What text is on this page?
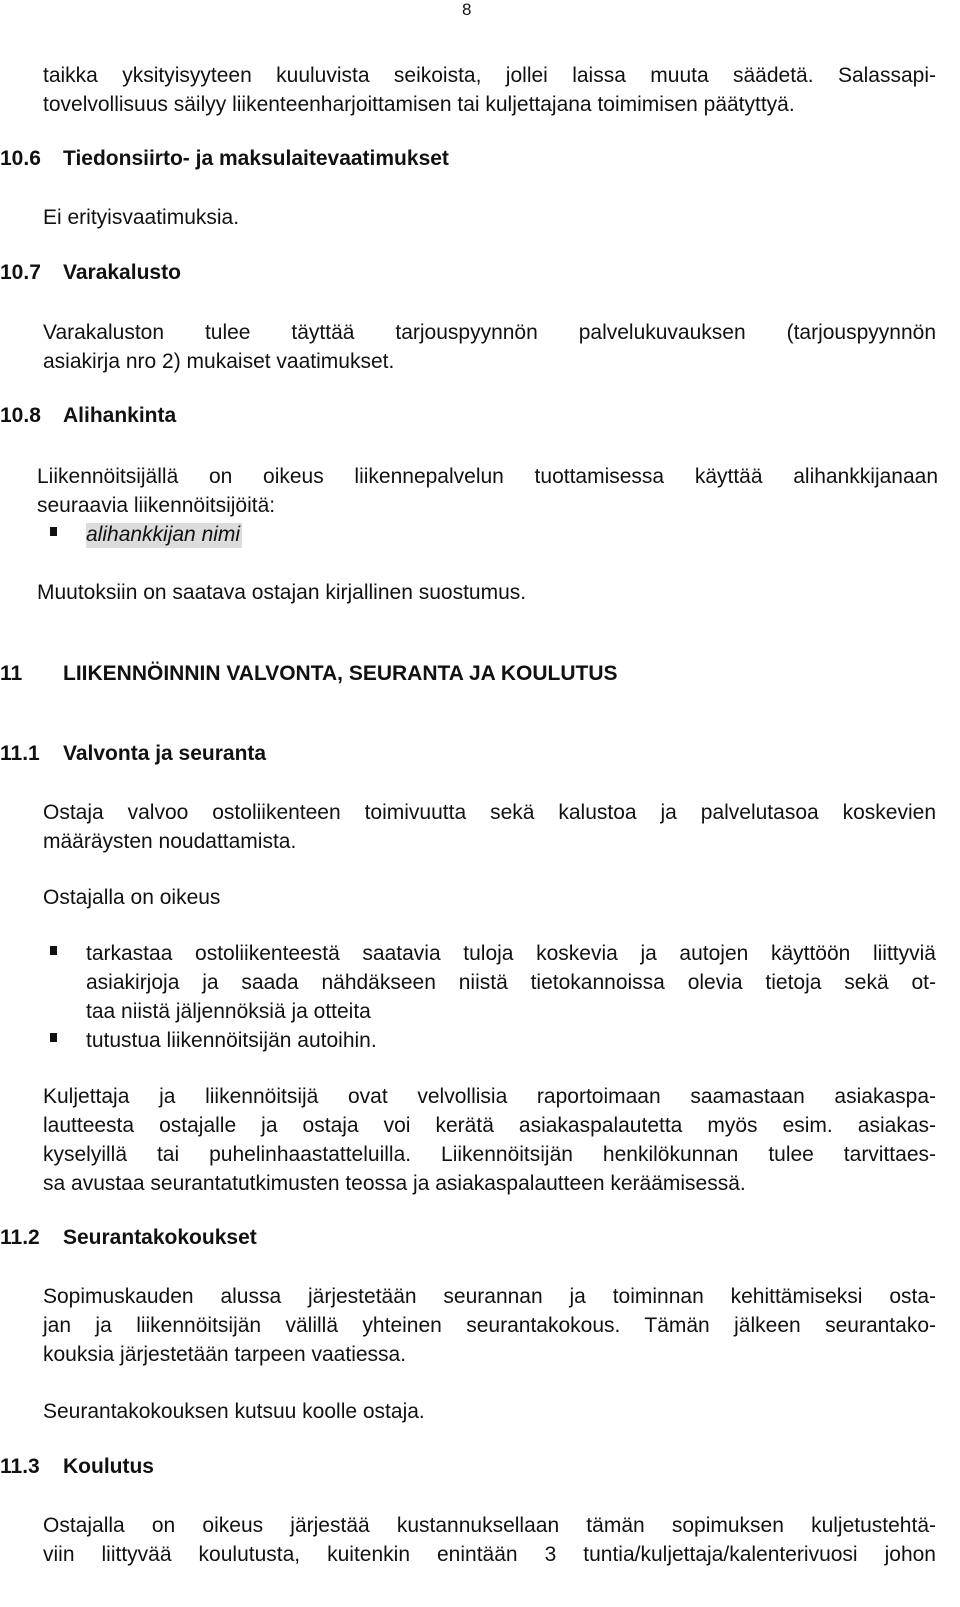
8
taikka yksityisyyteen kuuluvista seikoista, jollei laissa muuta säädetä. Salassapi-
tovelvollisuus säilyy liikenteenharjoittamisen tai kuljettajana toimimisen päätyttyä.
10.6 Tiedonsiirto- ja maksulaitevaatimukset
Ei erityisvaatimuksia.
10.7 Varakalusto
Varakaluston tulee täyttää tarjouspyynnön palvelukuvauksen (tarjouspyynnön
asiakirja nro 2) mukaiset vaatimukset.
10.8 Alihankinta
Liikennöitsijällä on oikeus liikennepalvelun tuottamisessa käyttää alihankkijanaan
seuraavia liikennöitsijöitä:
alihankkijan nimi
Muutoksiin on saatava ostajan kirjallinen suostumus.
11 LIIKENNÖINNIN VALVONTA, SEURANTA JA KOULUTUS
11.1 Valvonta ja seuranta
Ostaja valvoo ostoliikenteen toimivuutta sekä kalustoa ja palvelutasoa koskevien
määräysten noudattamista.
Ostajalla on oikeus
tarkastaa ostoliikenteestä saatavia tuloja koskevia ja autojen käyttöön liittyviä
asiakirjoja ja saada nähdäkseen niistä tietokannoissa olevia tietoja sekä ot-
taa niistä jäljennöksiä ja otteita
tutustua liikennöitsijän autoihin.
Kuljettaja ja liikennöitsijä ovat velvollisia raportoimaan saamastaan asiakaspa-
lautteesta ostajalle ja ostaja voi kerätä asiakaspalautetta myös esim. asiakas-
kyselyillä tai puhelinhaastatteluilla. Liikennöitsijän henkilökunnan tulee tarvittaes-
sa avustaa seurantatutkimusten teossa ja asiakaspalautteen keräämisessä.
11.2 Seurantakokoukset
Sopimuskauden alussa järjestetään seurannan ja toiminnan kehittämiseksi osta-
jan ja liikennöitsijän välillä yhteinen seurantakokous. Tämän jälkeen seurantako-
kouksia järjestetään tarpeen vaatiessa.
Seurantakokouksen kutsuu koolle ostaja.
11.3 Koulutus
Ostajalla on oikeus järjestää kustannuksellaan tämän sopimuksen kuljetustehtä-
viin liittyvää koulutusta, kuitenkin enintään 3 tuntia/kuljettaja/kalenterivuosi johon
